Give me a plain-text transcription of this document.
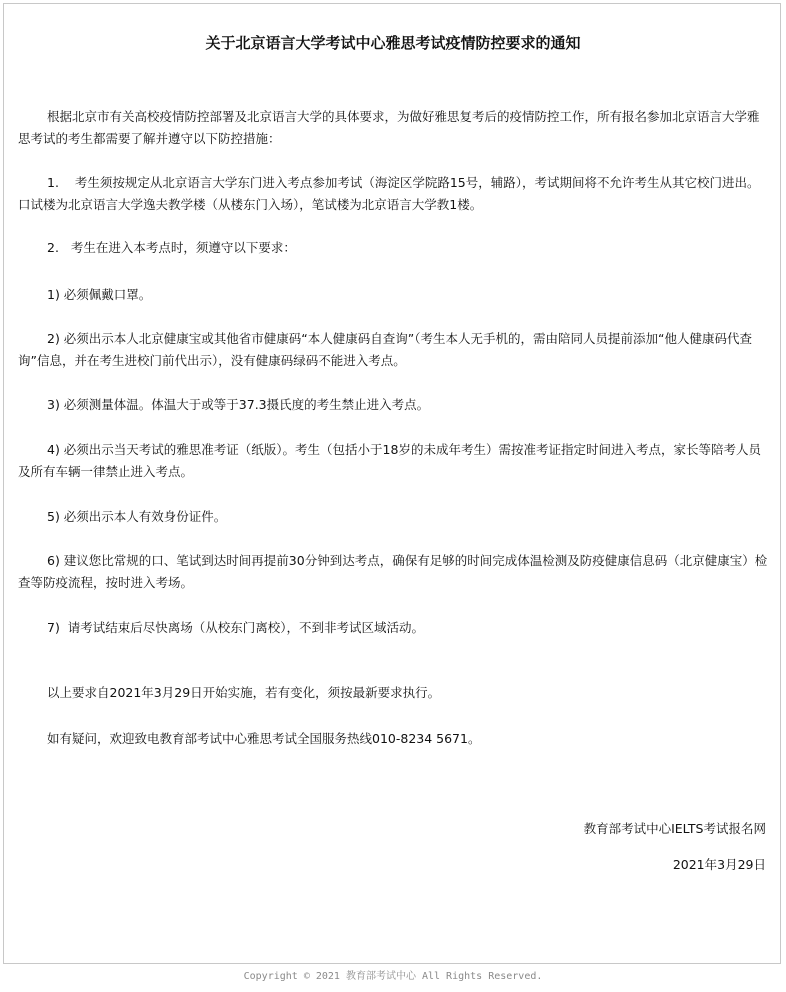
关于北京语言大学考试中心雅思考试疫情防控要求的通知

根据北京市有关高校疫情防控部署及北京语言大学的具体要求，为做好雅思复考后的疫情防控工作，所有报名参加北京语言大学雅思考试的考生都需要了解并遵守以下防控措施：

1.    考生须按规定从北京语言大学东门进入考点参加考试（海淀区学院路15号，辅路），考试期间将不允许考生从其它校门进出。口试楼为北京语言大学逸夫教学楼（从楼东门入场），笔试楼为北京语言大学教1楼。

2.   考生在进入本考点时，须遵守以下要求：

1) 必须佩戴口罩。

2) 必须出示本人北京健康宝或其他省市健康码“本人健康码自查询”（考生本人无手机的，需由陪同人员提前添加“他人健康码代查询”信息，并在考生进校门前代出示），没有健康码绿码不能进入考点。

3) 必须测量体温。体温大于或等于37.3摄氏度的考生禁止进入考点。

4) 必须出示当天考试的雅思准考证（纸版）。考生（包括小于18岁的未成年考生）需按准考证指定时间进入考点，家长等陪考人员及所有车辆一律禁止进入考点。

5) 必须出示本人有效身份证件。

6) 建议您比常规的口、笔试到达时间再提前30分钟到达考点，确保有足够的时间完成体温检测及防疫健康信息码（北京健康宝）检查等防疫流程，按时进入考场。

7)  请考试结束后尽快离场（从校东门离校），不到非考试区域活动。

以上要求自2021年3月29日开始实施，若有变化，须按最新要求执行。

如有疑问，欢迎致电教育部考试中心雅思考试全国服务热线010-8234 5671。

教育部考试中心IELTS考试报名网
2021年3月29日
Copyright © 2021 教育部考试中心 All Rights Reserved.
